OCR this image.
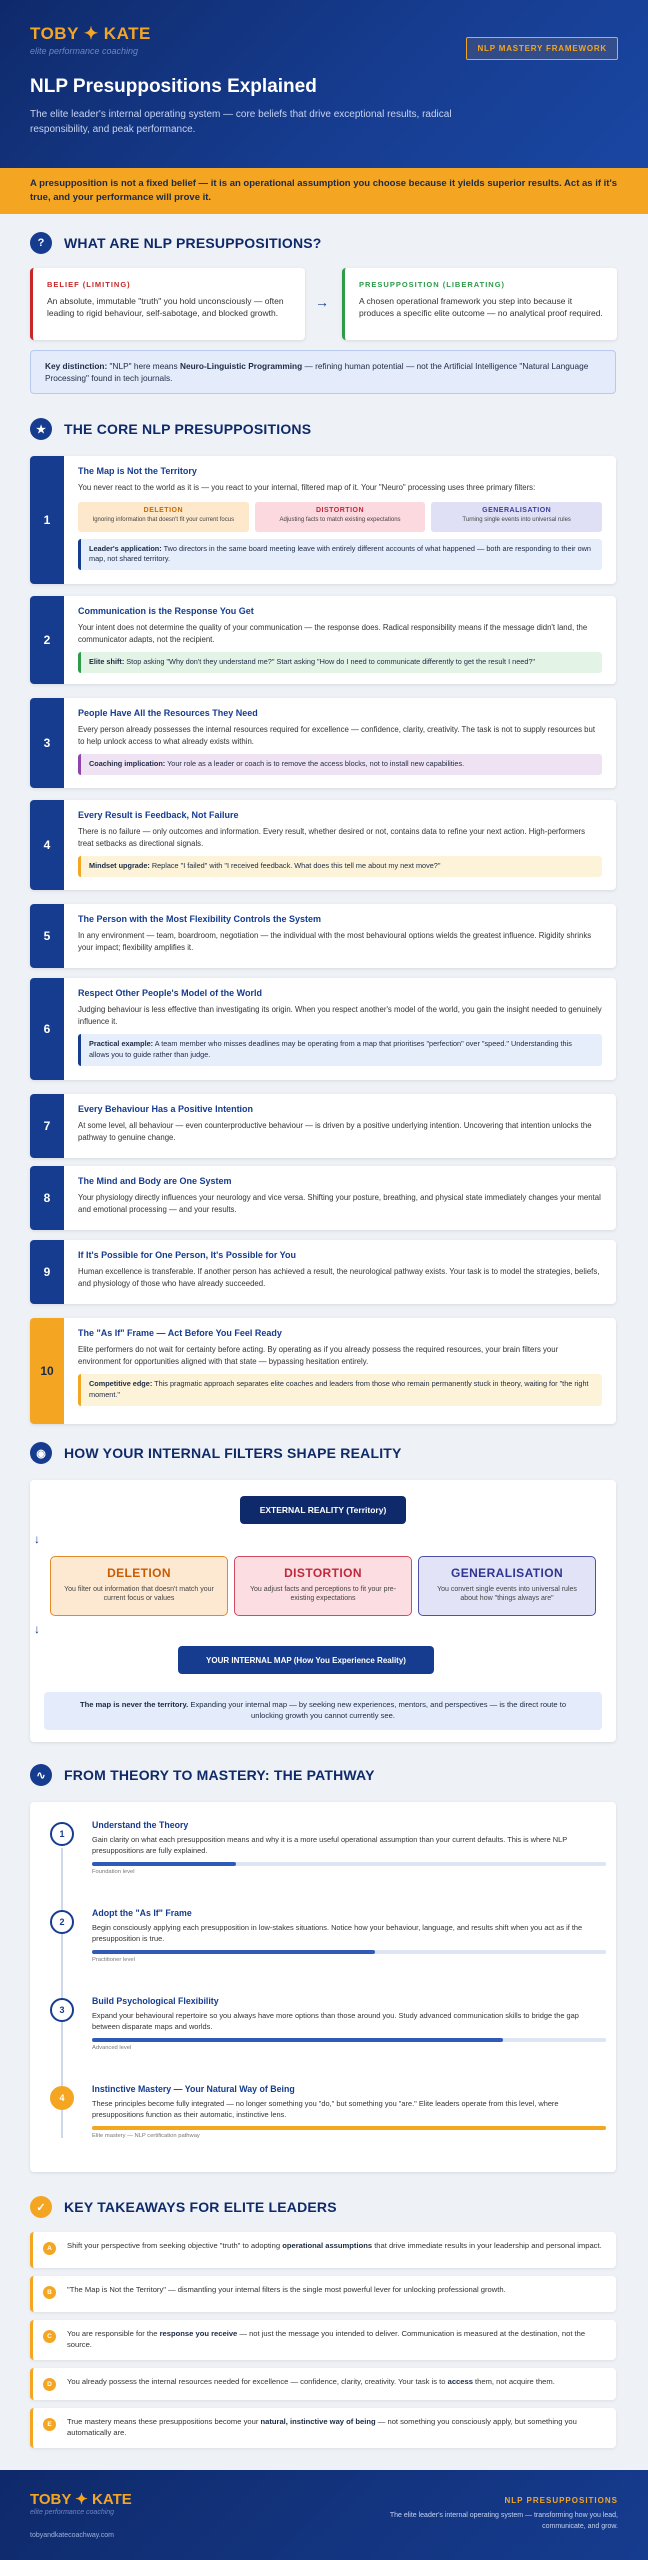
TOBY ✦ KATE
elite performance coaching	NLP MASTERY FRAMEWORK
NLP Presuppositions Explained

The elite leader's internal operating system — core beliefs that drive exceptional results, radical responsibility, and peak performance.

A presupposition is not a fixed belief — it is an operational assumption you choose because it yields superior results. Act as if it's true, and your performance will prove it.
?	WHAT ARE NLP PRESUPPOSITIONS?
BELIEF (LIMITING)
An absolute, immutable "truth" you hold unconsciously — often leading to rigid behaviour, self-sabotage, and blocked growth.
→
PRESUPPOSITION (LIBERATING)
A chosen operational framework you step into because it produces a specific elite outcome — no analytical proof required.
Key distinction: "NLP" here means Neuro-Linguistic Programming — refining human potential — not the Artificial Intelligence "Natural Language Processing" found in tech journals.
★	THE CORE NLP PRESUPPOSITIONS
1
The Map is Not the Territory
You never react to the world as it is — you react to your internal, filtered map of it. Your "Neuro" processing uses three primary filters:
DELETION
Ignoring information that doesn't fit your current focus
DISTORTION
Adjusting facts to match existing expectations
GENERALISATION
Turning single events into universal rules
Leader's application: Two directors in the same board meeting leave with entirely different accounts of what happened — both are responding to their own map, not shared territory.
2
Communication is the Response You Get
Your intent does not determine the quality of your communication — the response does. Radical responsibility means if the message didn't land, the communicator adapts, not the recipient.
Elite shift: Stop asking "Why don't they understand me?" Start asking "How do I need to communicate differently to get the result I need?"
3
People Have All the Resources They Need
Every person already possesses the internal resources required for excellence — confidence, clarity, creativity. The task is not to supply resources but to help unlock access to what already exists within.
Coaching implication: Your role as a leader or coach is to remove the access blocks, not to install new capabilities.
4
Every Result is Feedback, Not Failure
There is no failure — only outcomes and information. Every result, whether desired or not, contains data to refine your next action. High-performers treat setbacks as directional signals.
Mindset upgrade: Replace "I failed" with "I received feedback. What does this tell me about my next move?"
5
The Person with the Most Flexibility Controls the System
In any environment — team, boardroom, negotiation — the individual with the most behavioural options wields the greatest influence. Rigidity shrinks your impact; flexibility amplifies it.
6
Respect Other People's Model of the World
Judging behaviour is less effective than investigating its origin. When you respect another's model of the world, you gain the insight needed to genuinely influence it.
Practical example: A team member who misses deadlines may be operating from a map that prioritises "perfection" over "speed." Understanding this allows you to guide rather than judge.
7
Every Behaviour Has a Positive Intention
At some level, all behaviour — even counterproductive behaviour — is driven by a positive underlying intention. Uncovering that intention unlocks the pathway to genuine change.
8
The Mind and Body are One System
Your physiology directly influences your neurology and vice versa. Shifting your posture, breathing, and physical state immediately changes your mental and emotional processing — and your results.
9
If It's Possible for One Person, It's Possible for You
Human excellence is transferable. If another person has achieved a result, the neurological pathway exists. Your task is to model the strategies, beliefs, and physiology of those who have already succeeded.
10
The "As If" Frame — Act Before You Feel Ready
Elite performers do not wait for certainty before acting. By operating as if you already possess the required resources, your brain filters your environment for opportunities aligned with that state — bypassing hesitation entirely.
Competitive edge: This pragmatic approach separates elite coaches and leaders from those who remain permanently stuck in theory, waiting for "the right moment."
◉	HOW YOUR INTERNAL FILTERS SHAPE REALITY
EXTERNAL REALITY (Territory)
↓
DELETION
You filter out information that doesn't match your current focus or values
DISTORTION
You adjust facts and perceptions to fit your pre-existing expectations
GENERALISATION
You convert single events into universal rules about how "things always are"
↓
YOUR INTERNAL MAP (How You Experience Reality)
The map is never the territory. Expanding your internal map — by seeking new experiences, mentors, and perspectives — is the direct route to unlocking growth you cannot currently see.
∿	FROM THEORY TO MASTERY: THE PATHWAY
1
Understand the Theory
Gain clarity on what each presupposition means and why it is a more useful operational assumption than your current defaults. This is where NLP presuppositions are fully explained.
Foundation level
2
Adopt the "As If" Frame
Begin consciously applying each presupposition in low-stakes situations. Notice how your behaviour, language, and results shift when you act as if the presupposition is true.
Practitioner level
3
Build Psychological Flexibility
Expand your behavioural repertoire so you always have more options than those around you. Study advanced communication skills to bridge the gap between disparate maps and worlds.
Advanced level
4
Instinctive Mastery — Your Natural Way of Being
These principles become fully integrated — no longer something you "do," but something you "are." Elite leaders operate from this level, where presuppositions function as their automatic, instinctive lens.
Elite mastery — NLP certification pathway
✓	KEY TAKEAWAYS FOR ELITE LEADERS
A	Shift your perspective from seeking objective "truth" to adopting operational assumptions that drive immediate results in your leadership and personal impact.
B	"The Map is Not the Territory" — dismantling your internal filters is the single most powerful lever for unlocking professional growth.
C	You are responsible for the response you receive — not just the message you intended to deliver. Communication is measured at the destination, not the source.
D	You already possess the internal resources needed for excellence — confidence, clarity, creativity. Your task is to access them, not acquire them.
E	True mastery means these presuppositions become your natural, instinctive way of being — not something you consciously apply, but something you automatically are.
TOBY ✦ KATE
elite performance coaching
tobyandkatecoachway.com
NLP PRESUPPOSITIONS
The elite leader's internal operating system — transforming how you lead, communicate, and grow.
